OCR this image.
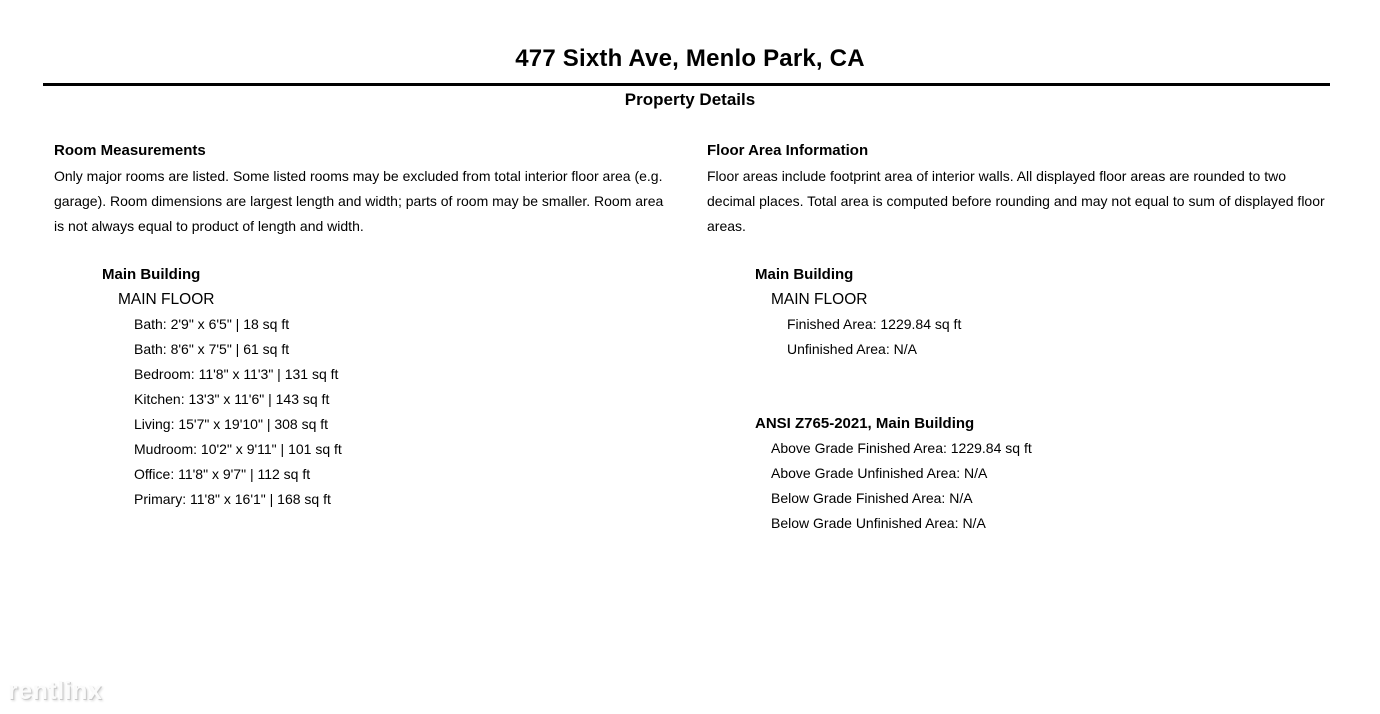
477 Sixth Ave, Menlo Park, CA
Property Details
Room Measurements

Only major rooms are listed. Some listed rooms may be excluded from total interior floor area (e.g. garage). Room dimensions are largest length and width; parts of room may be smaller. Room area is not always equal to product of length and width.

Main Building
MAIN FLOOR
Bath: 2'9" x 6'5" | 18 sq ft
Bath: 8'6" x 7'5" | 61 sq ft
Bedroom: 11'8" x 11'3" | 131 sq ft
Kitchen: 13'3" x 11'6" | 143 sq ft
Living: 15'7" x 19'10" | 308 sq ft
Mudroom: 10'2" x 9'11" | 101 sq ft
Office: 11'8" x 9'7" | 112 sq ft
Primary: 11'8" x 16'1" | 168 sq ft
Floor Area Information

Floor areas include footprint area of interior walls. All displayed floor areas are rounded to two decimal places. Total area is computed before rounding and may not equal to sum of displayed floor areas.

Main Building
MAIN FLOOR
Finished Area: 1229.84 sq ft
Unfinished Area: N/A
ANSI Z765-2021, Main Building
Above Grade Finished Area: 1229.84 sq ft
Above Grade Unfinished Area: N/A
Below Grade Finished Area: N/A
Below Grade Unfinished Area: N/A
rentlinx
